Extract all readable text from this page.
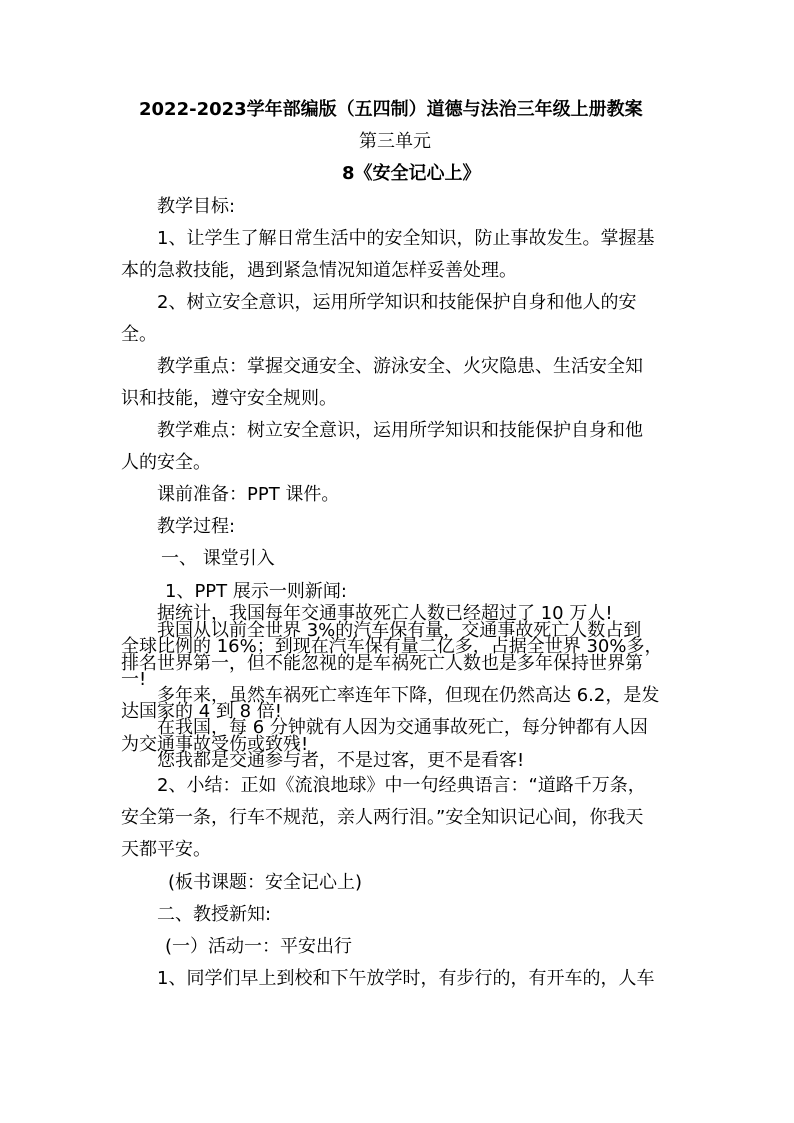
2022-2023学年部编版（五四制）道德与法治三年级上册教案
第三单元
8《安全记心上》
教学目标:
1、让学生了解日常生活中的安全知识，防止事故发生。掌握基
本的急救技能，遇到紧急情况知道怎样妥善处理。
2、树立安全意识，运用所学知识和技能保护自身和他人的安
全。
教学重点：掌握交通安全、游泳安全、火灾隐患、生活安全知
识和技能，遵守安全规则。
教学难点：树立安全意识，运用所学知识和技能保护自身和他
人的安全。
课前准备：PPT 课件。
教学过程:
一、 课堂引入
1、PPT 展示一则新闻:
据统计，我国每年交通事故死亡人数已经超过了 10 万人!
我国从以前全世界 3%的汽车保有量，交通事故死亡人数占到
全球比例的 16%；到现在汽车保有量二亿多，占据全世界 30%多，
排名世界第一，但不能忽视的是车祸死亡人数也是多年保持世界第
一!
多年来，虽然车祸死亡率连年下降，但现在仍然高达 6.2，是发
达国家的 4 到 8 倍!
在我国，每 6 分钟就有人因为交通事故死亡，每分钟都有人因
为交通事故受伤或致残!
您我都是交通参与者，不是过客，更不是看客!
2、小结：正如《流浪地球》中一句经典语言：“道路千万条，
安全第一条，行车不规范，亲人两行泪。”安全知识记心间，你我天
天都平安。
(板书课题：安全记心上)
二、教授新知:
(一）活动一：平安出行
1、同学们早上到校和下午放学时，有步行的，有开车的，人车
